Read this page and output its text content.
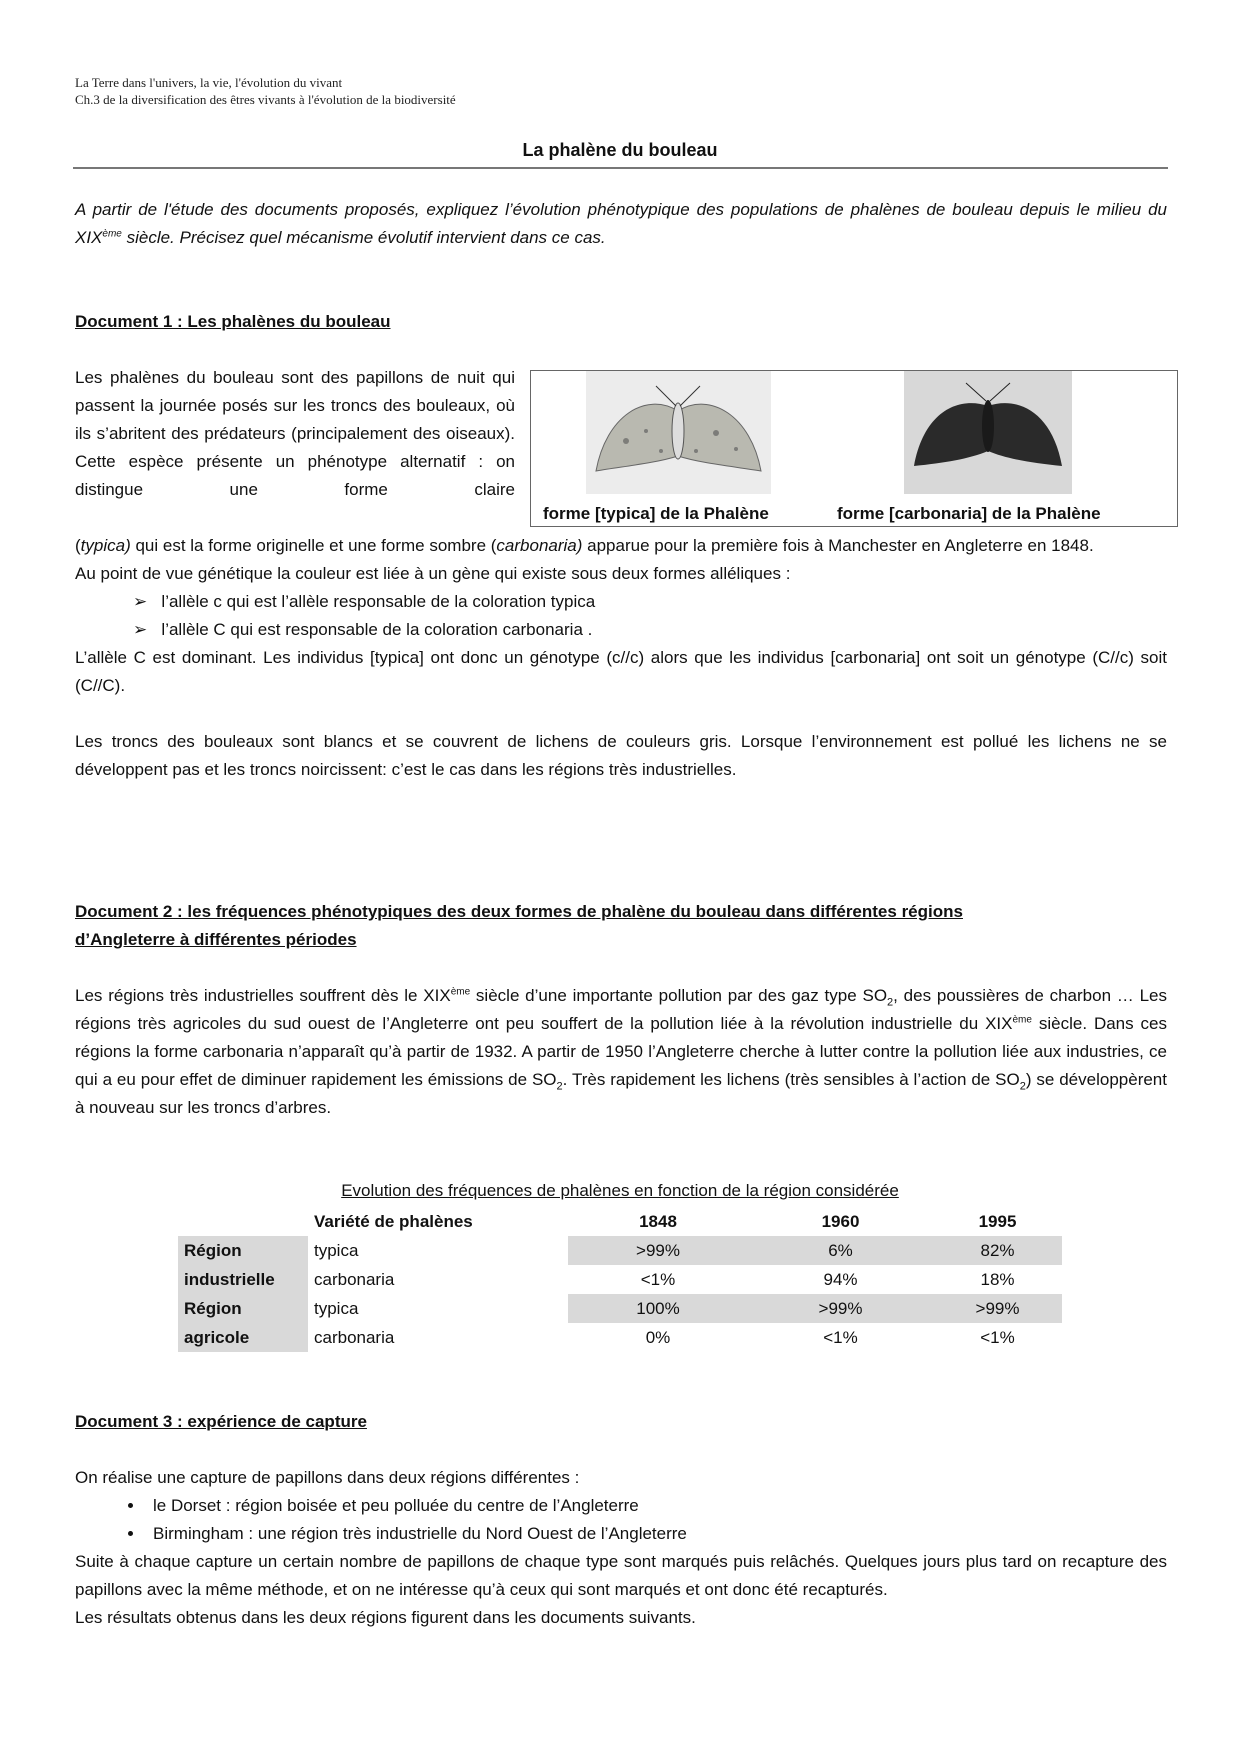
La Terre dans l'univers, la vie, l'évolution du vivant
Ch.3 de la diversification des êtres vivants à l'évolution de la biodiversité
La phalène du bouleau
A partir de l'étude des documents proposés, expliquez l’évolution phénotypique des populations de phalènes de bouleau depuis le milieu du XIXème siècle. Précisez quel mécanisme évolutif intervient dans ce cas.
Document 1 : Les phalènes du bouleau
forme [typica] de la Phalène	forme [carbonaria] de la Phalène
Les phalènes du bouleau sont des papillons de nuit qui passent la journée posés sur les troncs des bouleaux, où ils s’abritent des prédateurs (principalement des oiseaux). Cette espèce présente un phénotype alternatif : on distingue une forme claire
(typica) qui est la forme originelle et une forme sombre (carbonaria) apparue pour la première fois à Manchester en Angleterre en 1848.
Au point de vue génétique la couleur est liée à un gène qui existe sous deux formes alléliques :
➢   l’allèle c qui est l’allèle responsable de la coloration typica
➢   l’allèle C qui est responsable de la coloration carbonaria .
L’allèle C est dominant. Les individus [typica] ont donc un génotype (c//c) alors que les individus [carbonaria] ont soit un génotype (C//c) soit (C//C).
Les troncs des bouleaux sont blancs et se couvrent de lichens de couleurs gris. Lorsque l’environnement est pollué les lichens ne se développent pas et les troncs noircissent: c’est le cas dans les régions très industrielles.
Document 2 : les fréquences phénotypiques des deux formes de phalène du bouleau dans différentes régions
d’Angleterre à différentes périodes
Les régions très industrielles souffrent dès le XIXème siècle d’une importante pollution par des gaz type $SO_2$, des poussières de charbon … Les régions très agricoles du sud ouest de l’Angleterre ont peu souffert de la pollution liée à la révolution industrielle du XIXème siècle. Dans ces régions la forme carbonaria n’apparaît qu’à partir de 1932. A partir de 1950 l’Angleterre cherche à lutter contre la pollution liée aux industries, ce qui a eu pour effet de diminuer rapidement les émissions de $SO_2$. Très rapidement les lichens (très sensibles à l’action de $SO_2$) se développèrent à nouveau sur les troncs d’arbres.
Evolution des fréquences de phalènes en fonction de la région considérée
	Variété de phalènes	1848	1960	1995
Région	typica	>99%	6%	82%
industrielle	carbonaria	<1%	94%	18%
Région	typica	100%	>99%	>99%
agricole	carbonaria	0%	<1%	<1%
Document 3 : expérience de capture
On réalise une capture de papillons dans deux régions différentes :
• le Dorset : région boisée et peu polluée du centre de l’Angleterre
• Birmingham : une région très industrielle du Nord Ouest de l’Angleterre
Suite à chaque capture un certain nombre de papillons de chaque type sont marqués puis relâchés. Quelques jours plus tard on recapture des papillons avec la même méthode, et on ne intéresse qu’à ceux qui sont marqués et ont donc été recapturés.
Les résultats obtenus dans les deux régions figurent dans les documents suivants.
